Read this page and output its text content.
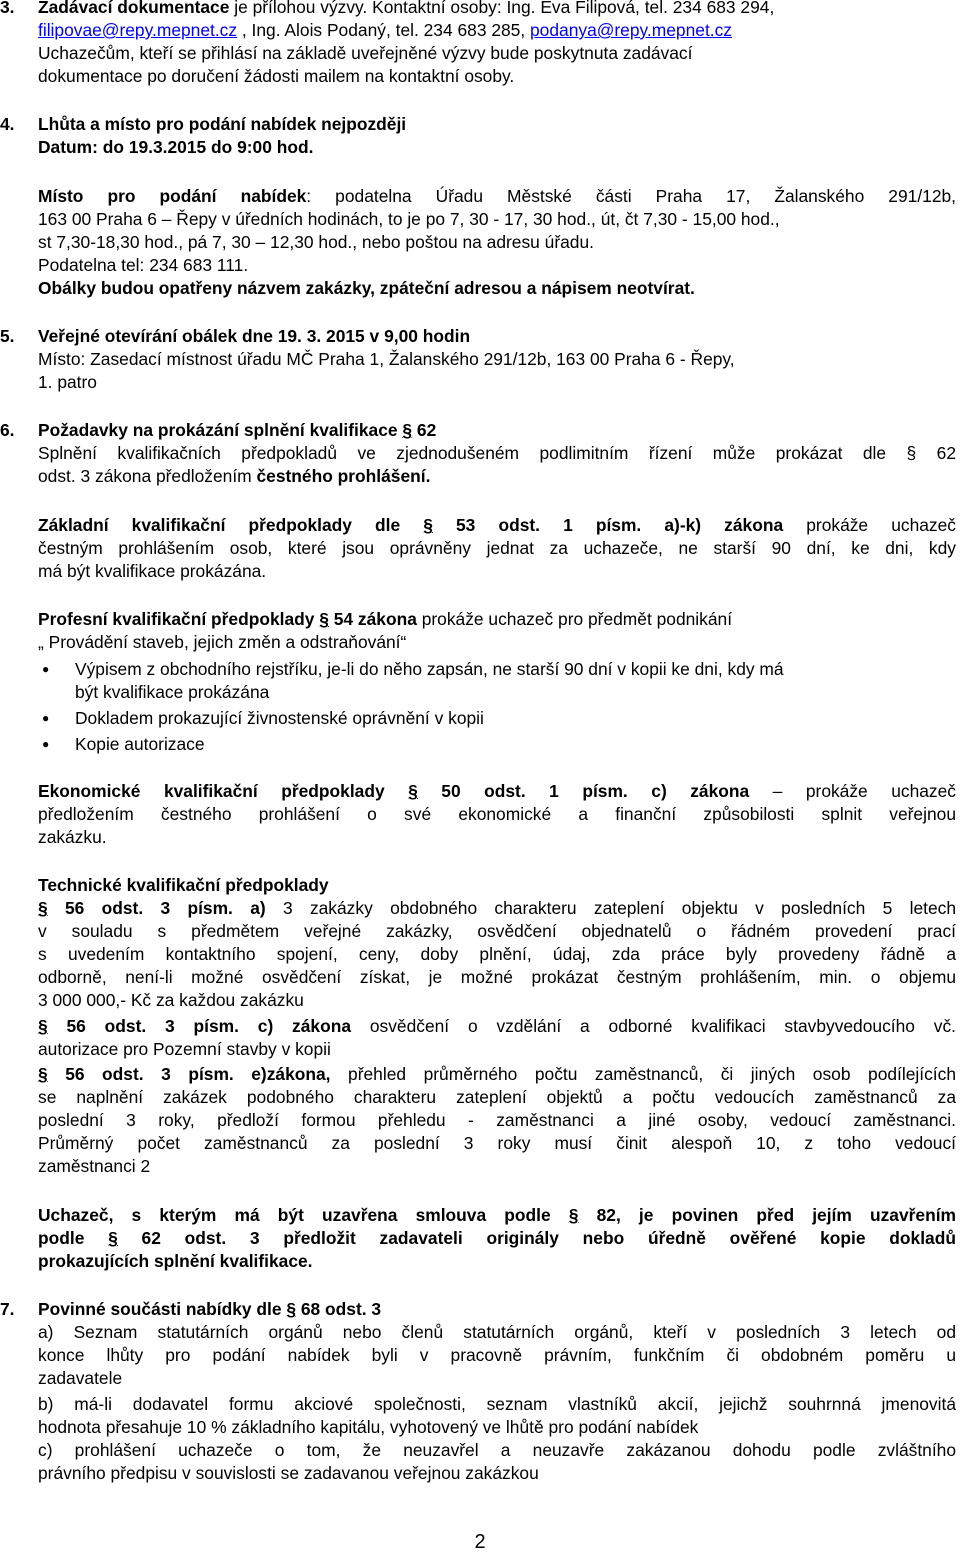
3. Zadávací dokumentace je přílohou výzvy. Kontaktní osoby: Ing. Eva Filipová, tel. 234 683 294,
filipovae@repy.mepnet.cz , Ing. Alois Podaný, tel. 234 683 285, podanya@repy.mepnet.cz
Uchazečům, kteří se přihlásí na základě uveřejněné výzvy bude poskytnuta zadávací
dokumentace po doručení žádosti mailem na kontaktní osoby.
4. Lhůta a místo pro podání nabídek nejpozději
Datum: do 19.3.2015 do 9:00 hod.
Místo pro podání nabídek: podatelna Úřadu Městské části Praha 17, Žalanského 291/12b,
163 00 Praha 6 – Řepy v úředních hodinách, to je po 7, 30 - 17, 30 hod., út, čt 7,30 - 15,00 hod.,
st 7,30-18,30 hod., pá 7, 30 – 12,30 hod., nebo poštou na adresu úřadu.
Podatelna tel: 234 683 111.
Obálky budou opatřeny názvem zakázky, zpáteční adresou a nápisem neotvírat.
5. Veřejné otevírání obálek dne 19. 3. 2015 v 9,00 hodin
Místo: Zasedací místnost úřadu MČ Praha 1, Žalanského 291/12b, 163 00 Praha 6 - Řepy,
1. patro
6. Požadavky na prokázání splnění kvalifikace § 62
Splnění kvalifikačních předpokladů ve zjednodušeném podlimitním řízení může prokázat dle § 62
odst. 3 zákona předložením čestného prohlášení.
Základní kvalifikační předpoklady dle § 53 odst. 1 písm. a)-k) zákona prokáže uchazeč
čestným prohlášením osob, které jsou oprávněny jednat za uchazeče, ne starší 90 dní, ke dni, kdy
má být kvalifikace prokázána.
Profesní kvalifikační předpoklady § 54 zákona prokáže uchazeč pro předmět podnikání
„ Provádění staveb, jejich změn a odstraňování“
● Výpisem z obchodního rejstříku, je-li do něho zapsán, ne starší 90 dní v kopii ke dni, kdy má
být kvalifikace prokázána
● Dokladem prokazující živnostenské oprávnění v kopii
● Kopie autorizace
Ekonomické kvalifikační předpoklady § 50 odst. 1 písm. c) zákona – prokáže uchazeč
předložením čestného prohlášení o své ekonomické a finanční způsobilosti splnit veřejnou
zakázku.
Technické kvalifikační předpoklady
§ 56 odst. 3 písm. a) 3 zakázky obdobného charakteru zateplení objektu v posledních 5 letech
v souladu s předmětem veřejné zakázky, osvědčení objednatelů o řádném provedení prací
s uvedením kontaktního spojení, ceny, doby plnění, údaj, zda práce byly provedeny řádně a
odborně, není-li možné osvědčení získat, je možné prokázat čestným prohlášením, min. o objemu
3 000 000,- Kč za každou zakázku
§ 56 odst. 3 písm. c) zákona osvědčení o vzdělání a odborné kvalifikaci stavbyvedoucího vč.
autorizace pro Pozemní stavby v kopii
§ 56 odst. 3 písm. e)zákona, přehled průměrného počtu zaměstnanců, či jiných osob podílejících
se naplnění zakázek podobného charakteru zateplení objektů a počtu vedoucích zaměstnanců za
poslední 3 roky, předloží formou přehledu - zaměstnanci a jiné osoby, vedoucí zaměstnanci.
Průměrný počet zaměstnanců za poslední 3 roky musí činit alespoň 10, z toho vedoucí
zaměstnanci 2
Uchazeč, s kterým má být uzavřena smlouva podle § 82, je povinen před jejím uzavřením
podle § 62 odst. 3 předložit zadavateli originály nebo úředně ověřené kopie dokladů
prokazujících splnění kvalifikace.
7. Povinné součásti nabídky dle § 68 odst. 3
a) Seznam statutárních orgánů nebo členů statutárních orgánů, kteří v posledních 3 letech od
konce lhůty pro podání nabídek byli v pracovně právním, funkčním či obdobném poměru u
zadavatele
b) má-li dodavatel formu akciové společnosti, seznam vlastníků akcií, jejichž souhrnná jmenovitá
hodnota přesahuje 10 % základního kapitálu, vyhotovený ve lhůtě pro podání nabídek
c) prohlášení uchazeče o tom, že neuzavřel a neuzavře zakázanou dohodu podle zvláštního
právního předpisu v souvislosti se zadavanou veřejnou zakázkou
2
